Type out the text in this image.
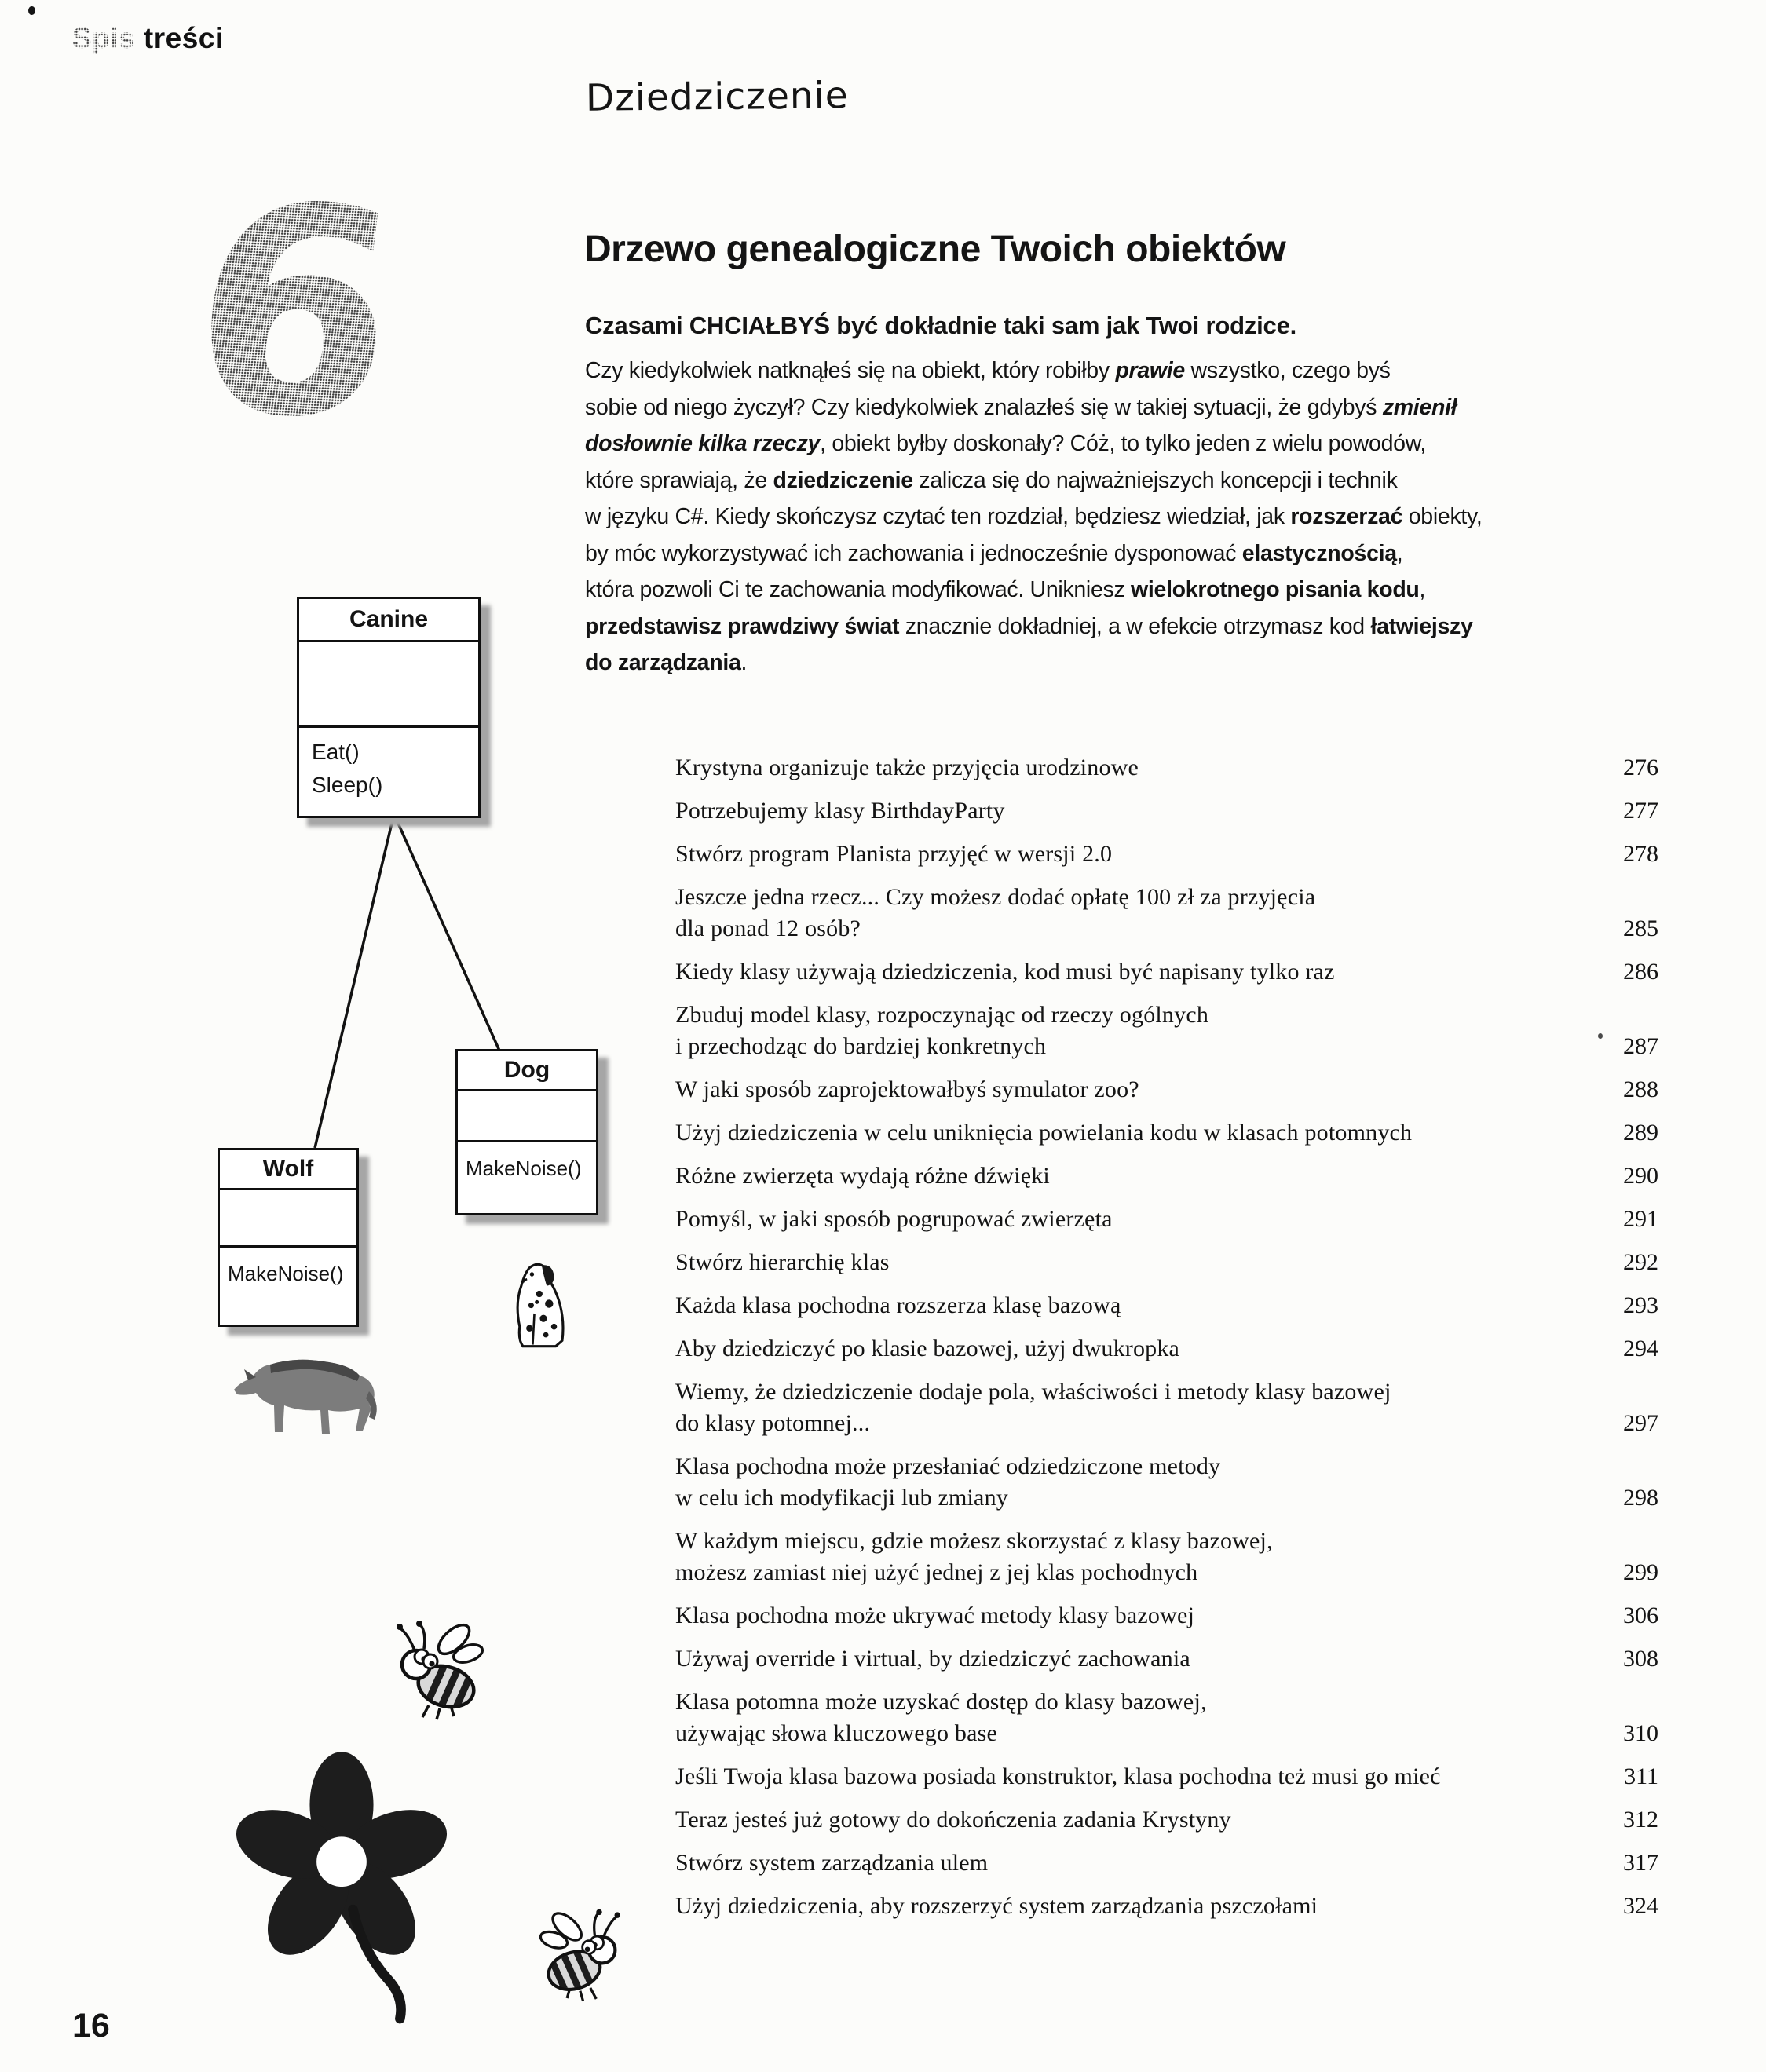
Spis treści
Dziedziczenie
6	Drzewo genealogiczne Twoich obiektów
Czasami CHCIAŁBYŚ być dokładnie taki sam jak Twoi rodzice.
Czy kiedykolwiek natknąłeś się na obiekt, który robiłby prawie wszystko, czego byś
sobie od niego życzył? Czy kiedykolwiek znalazłeś się w takiej sytuacji, że gdybyś zmienił
dosłownie kilka rzeczy, obiekt byłby doskonały? Cóż, to tylko jeden z wielu powodów,
które sprawiają, że dziedziczenie zalicza się do najważniejszych koncepcji i technik
w języku C#. Kiedy skończysz czytać ten rozdział, będziesz wiedział, jak rozszerzać obiekty,
by móc wykorzystywać ich zachowania i jednocześnie dysponować elastycznością,
która pozwoli Ci te zachowania modyfikować. Unikniesz wielokrotnego pisania kodu,
przedstawisz prawdziwy świat znacznie dokładniej, a w efekcie otrzymasz kod łatwiejszy
do zarządzania.
Canine
Eat()
Sleep()
Wolf
MakeNoise()
Dog
MakeNoise()
Krystyna organizuje także przyjęcia urodzinowe	276
Potrzebujemy klasy BirthdayParty	277
Stwórz program Planista przyjęć w wersji 2.0	278
Jeszcze jedna rzecz... Czy możesz dodać opłatę 100 zł za przyjęcia
dla ponad 12 osób?	285
Kiedy klasy używają dziedziczenia, kod musi być napisany tylko raz	286
Zbuduj model klasy, rozpoczynając od rzeczy ogólnych
i przechodząc do bardziej konkretnych	287
W jaki sposób zaprojektowałbyś symulator zoo?	288
Użyj dziedziczenia w celu uniknięcia powielania kodu w klasach potomnych	289
Różne zwierzęta wydają różne dźwięki	290
Pomyśl, w jaki sposób pogrupować zwierzęta	291
Stwórz hierarchię klas	292
Każda klasa pochodna rozszerza klasę bazową	293
Aby dziedziczyć po klasie bazowej, użyj dwukropka	294
Wiemy, że dziedziczenie dodaje pola, właściwości i metody klasy bazowej
do klasy potomnej...	297
Klasa pochodna może przesłaniać odziedziczone metody
w celu ich modyfikacji lub zmiany	298
W każdym miejscu, gdzie możesz skorzystać z klasy bazowej,
możesz zamiast niej użyć jednej z jej klas pochodnych	299
Klasa pochodna może ukrywać metody klasy bazowej	306
Używaj override i virtual, by dziedziczyć zachowania	308
Klasa potomna może uzyskać dostęp do klasy bazowej,
używając słowa kluczowego base	310
Jeśli Twoja klasa bazowa posiada konstruktor, klasa pochodna też musi go mieć	311
Teraz jesteś już gotowy do dokończenia zadania Krystyny	312
Stwórz system zarządzania ulem	317
Użyj dziedziczenia, aby rozszerzyć system zarządzania pszczołami	324
16
